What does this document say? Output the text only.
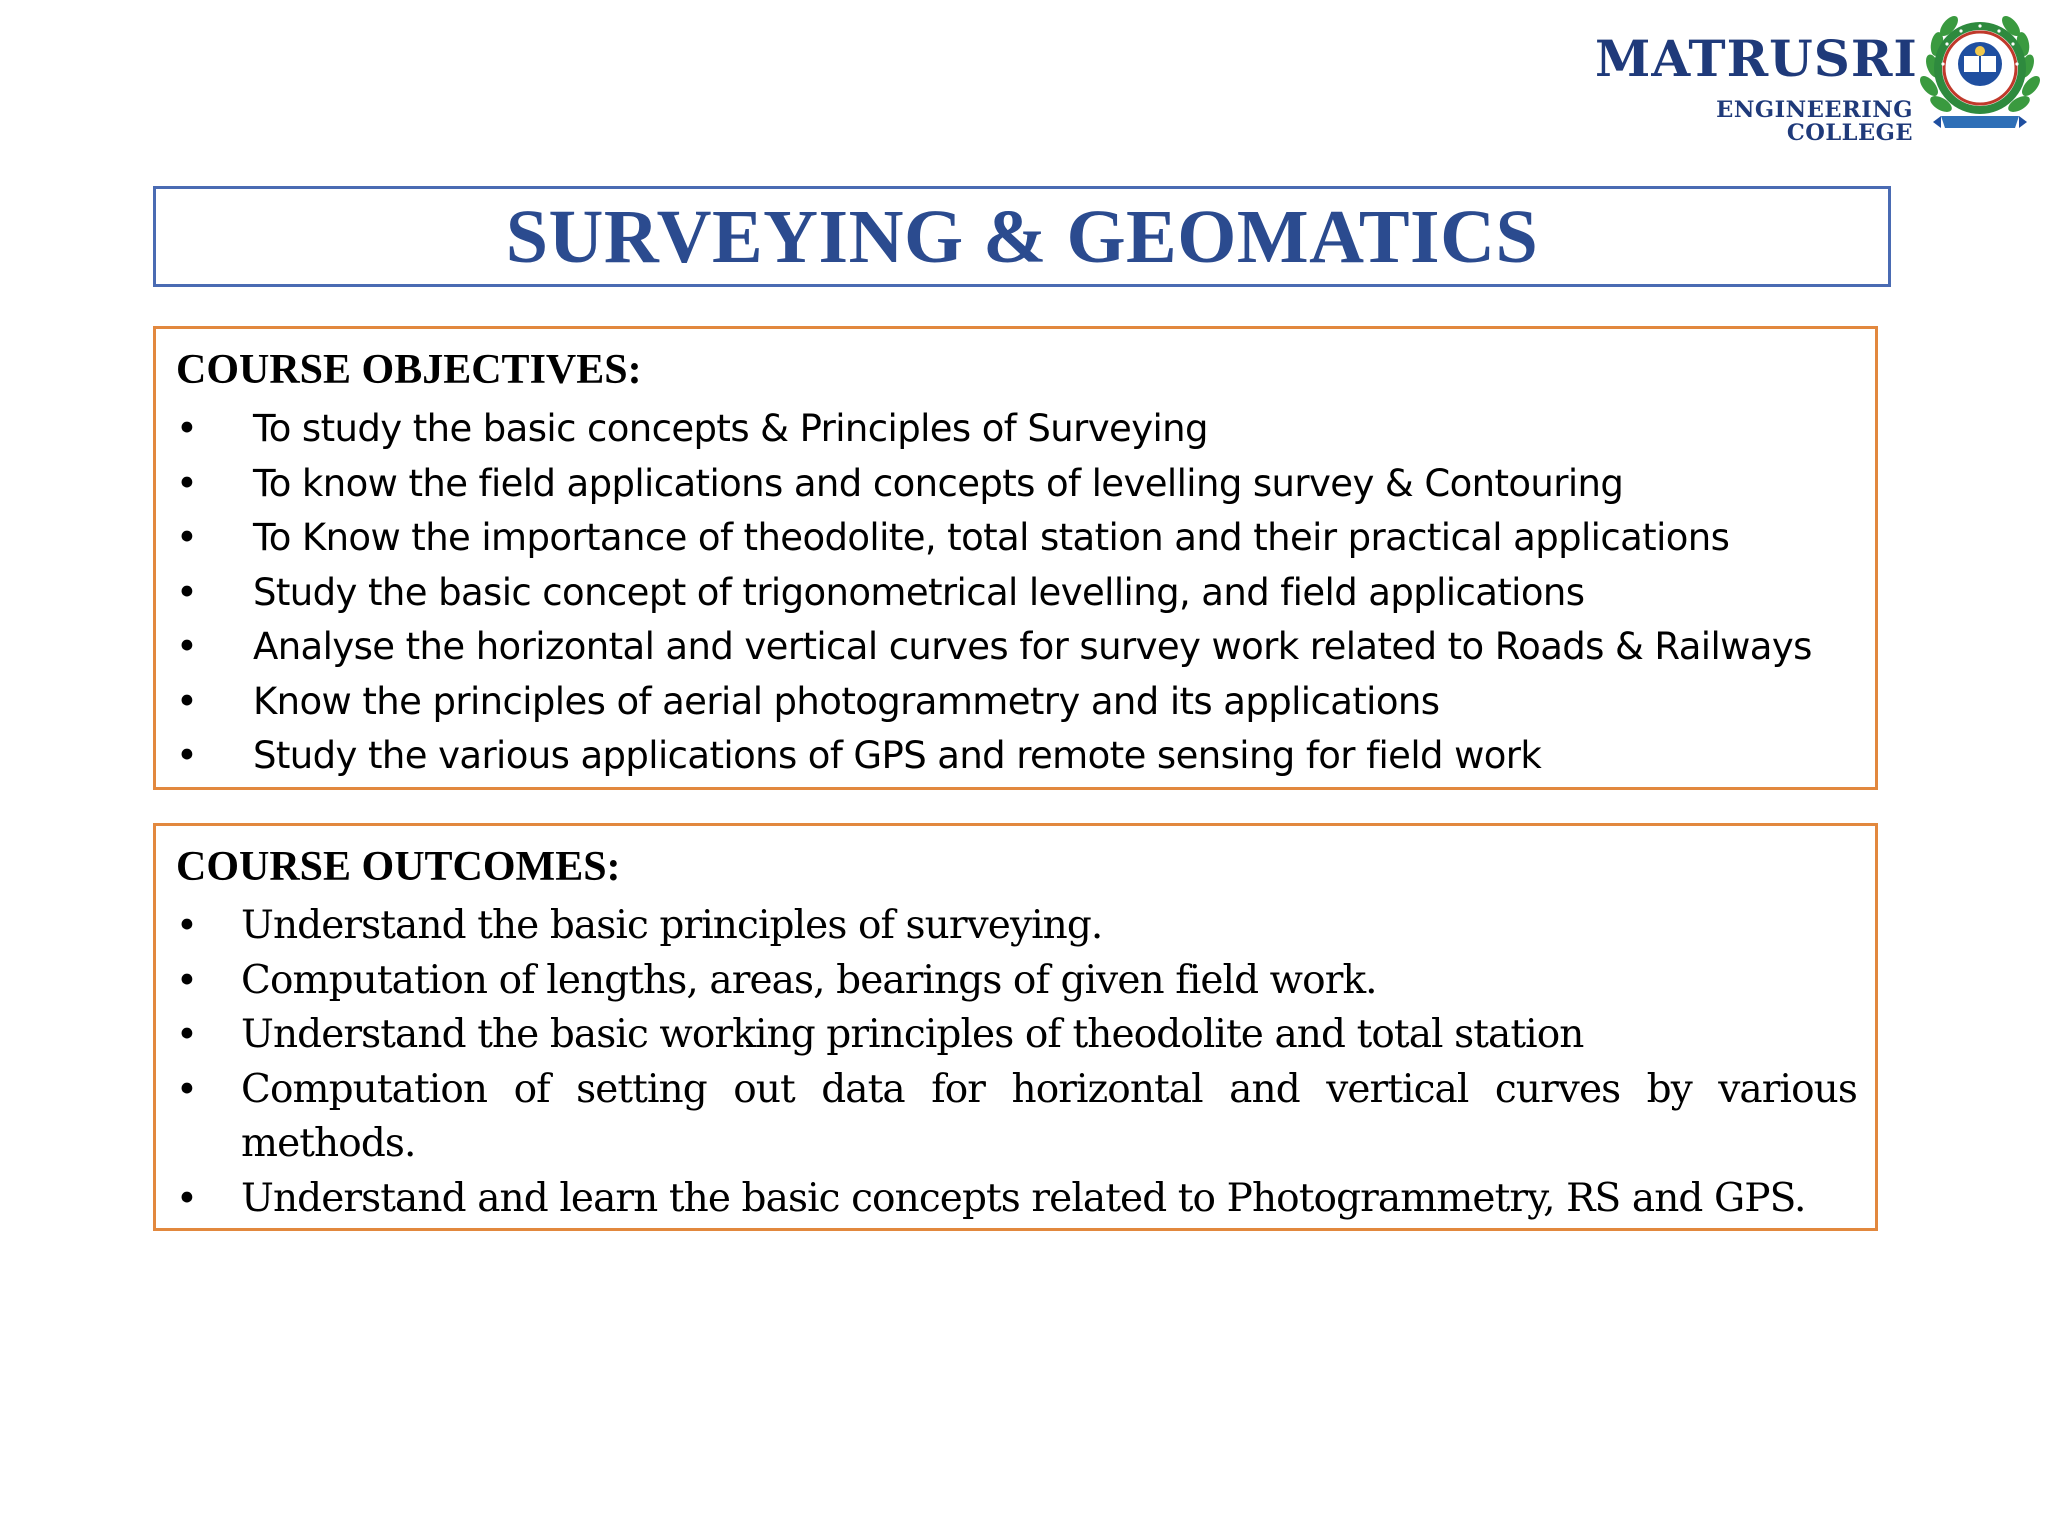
MATRUSRI
ENGINEERING COLLEGE
SURVEYING & GEOMATICS
COURSE OBJECTIVES:
• To study the basic concepts & Principles of Surveying
• To know the field applications and concepts of levelling survey & Contouring
• To Know the importance of theodolite, total station and their practical applications
• Study the basic concept of trigonometrical levelling, and field applications
• Analyse the horizontal and vertical curves for survey work related to Roads & Railways
• Know the principles of aerial photogrammetry and its applications
• Study the various applications of GPS and remote sensing for field work
COURSE OUTCOMES:
• Understand the basic principles of surveying.
• Computation of lengths, areas, bearings of given field work.
• Understand the basic working principles of theodolite and total station
• Computation of setting out data for horizontal and vertical curves by various methods.
• Understand and learn the basic concepts related to Photogrammetry, RS and GPS.
